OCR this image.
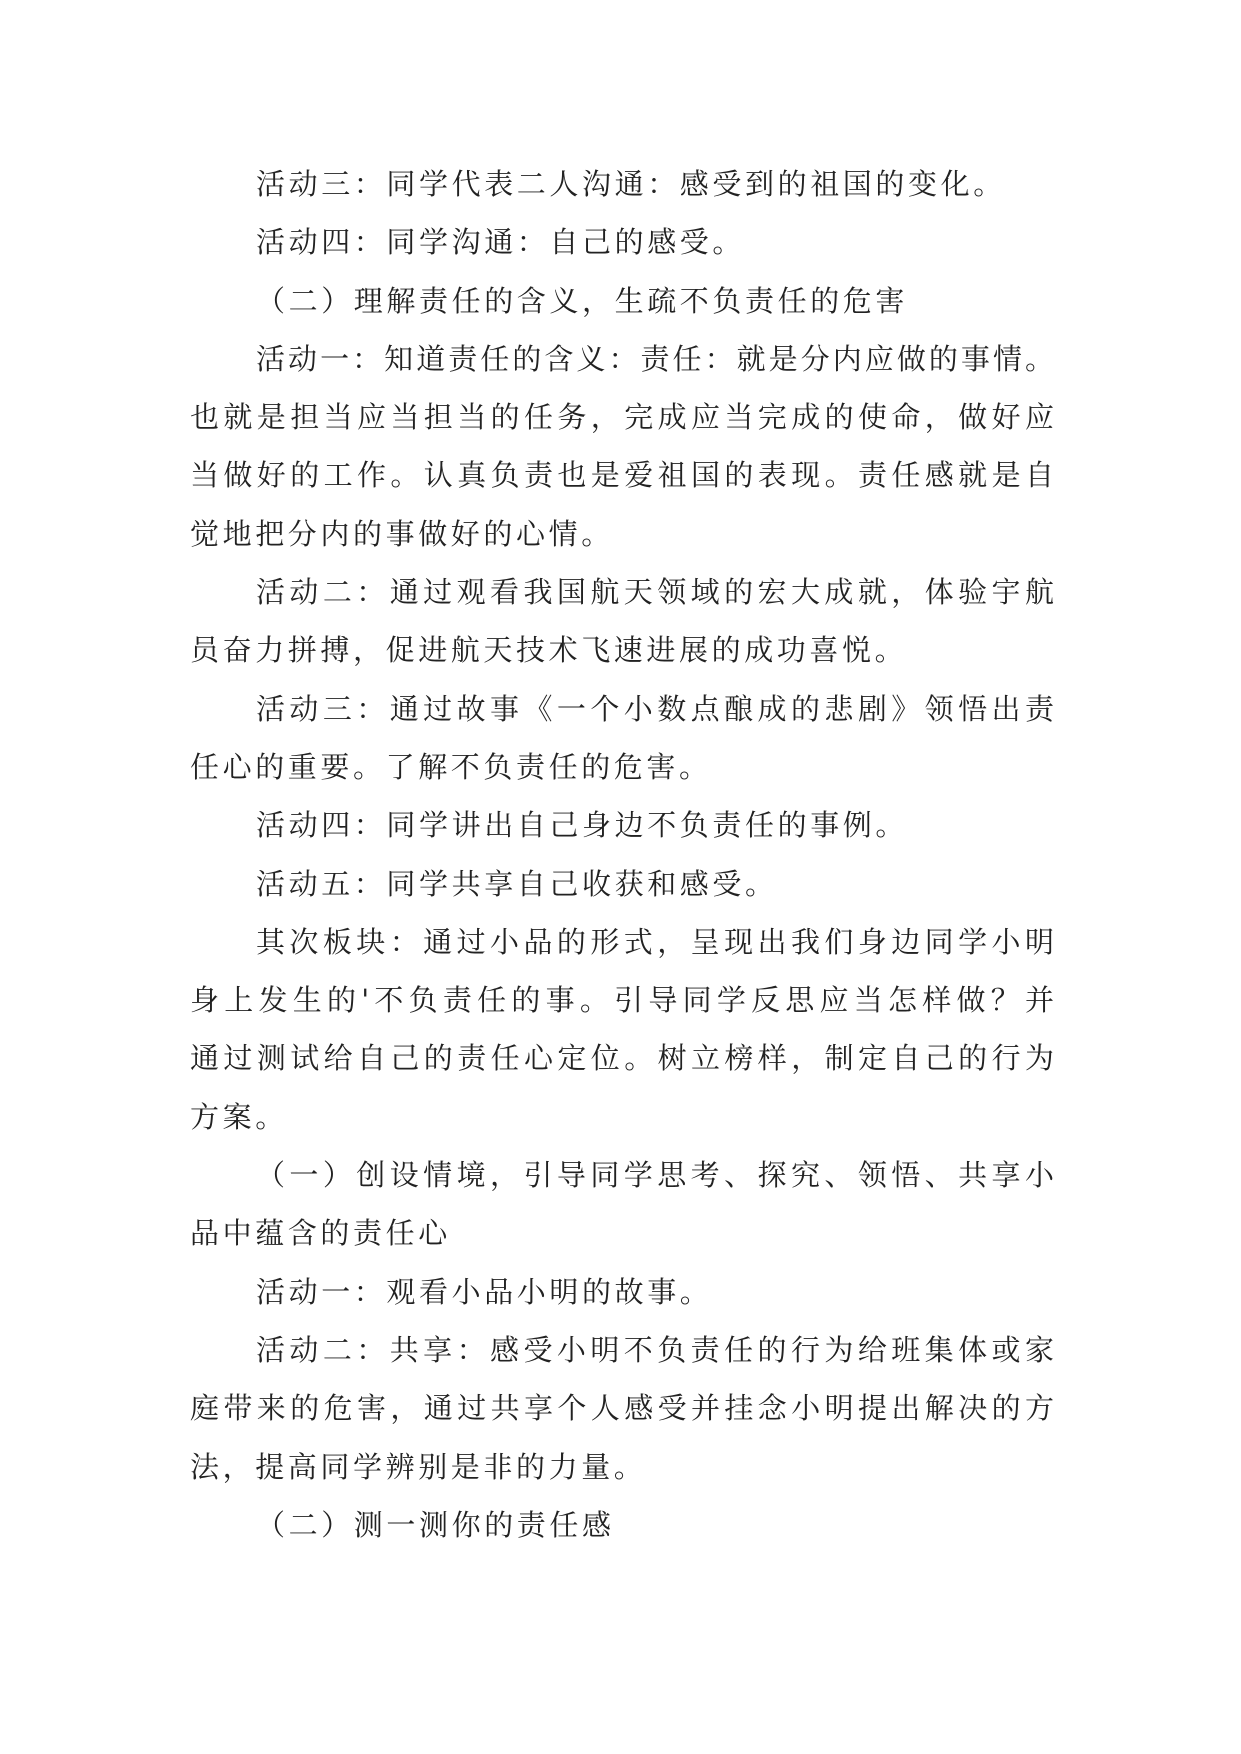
活动三：同学代表二人沟通：感受到的祖国的变化。
活动四：同学沟通：自己的感受。
（二）理解责任的含义，生疏不负责任的危害
活动一：知道责任的含义：责任：就是分内应做的事情。
也就是担当应当担当的任务，完成应当完成的使命，做好应
当做好的工作。认真负责也是爱祖国的表现。责任感就是自
觉地把分内的事做好的心情。
活动二：通过观看我国航天领域的宏大成就，体验宇航
员奋力拼搏，促进航天技术飞速进展的成功喜悦。
活动三：通过故事《一个小数点酿成的悲剧》领悟出责
任心的重要。了解不负责任的危害。
活动四：同学讲出自己身边不负责任的事例。
活动五：同学共享自己收获和感受。
其次板块：通过小品的形式，呈现出我们身边同学小明
身上发生的'不负责任的事。引导同学反思应当怎样做？并
通过测试给自己的责任心定位。树立榜样，制定自己的行为
方案。
（一）创设情境，引导同学思考、探究、领悟、共享小
品中蕴含的责任心
活动一：观看小品小明的故事。
活动二：共享：感受小明不负责任的行为给班集体或家
庭带来的危害，通过共享个人感受并挂念小明提出解决的方
法，提高同学辨别是非的力量。
（二）测一测你的责任感
